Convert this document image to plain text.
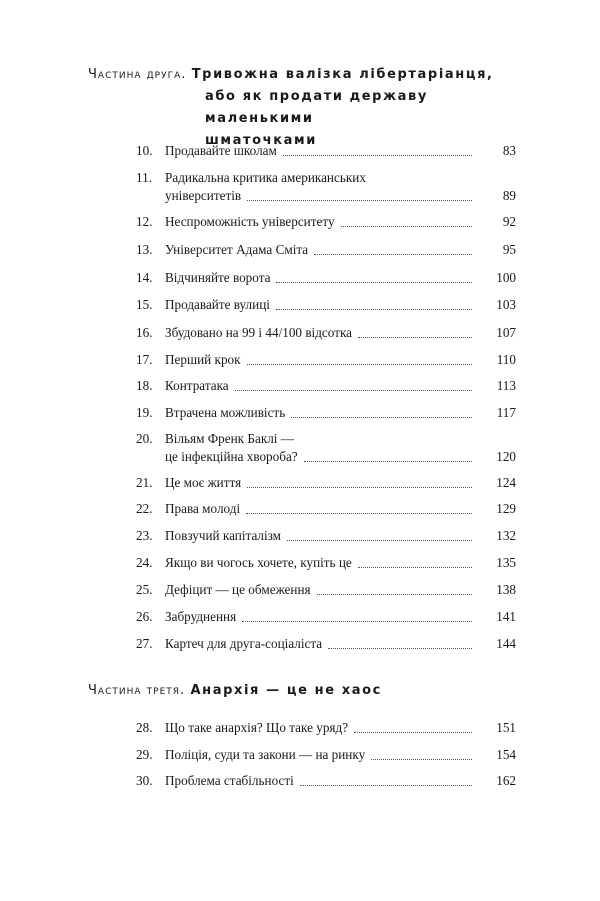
Частина друга. Тривожна валізка лібертаріанця,
або як продати державу маленькими
шматочками
10. Продавайте школам	83
11. Радикальна критика американських
університетів	89
12. Неспроможність університету	92
13. Університет Адама Сміта	95
14. Відчиняйте ворота	100
15. Продавайте вулиці	103
16. Збудовано на 99 і 44/100 відсотка	107
17. Перший крок	110
18. Контратака	113
19. Втрачена можливість	117
20. Вільям Френк Баклі —
це інфекційна хвороба?	120
21. Це моє життя	124
22. Права молоді	129
23. Повзучий капіталізм	132
24. Якщо ви чогось хочете, купіть це	135
25. Дефіцит — це обмеження	138
26. Забруднення	141
27. Картеч для друга-соціаліста	144
Частина третя. Анархія — це не хаос
28. Що таке анархія? Що таке уряд?	151
29. Поліція, суди та закони — на ринку	154
30. Проблема стабільності	162
